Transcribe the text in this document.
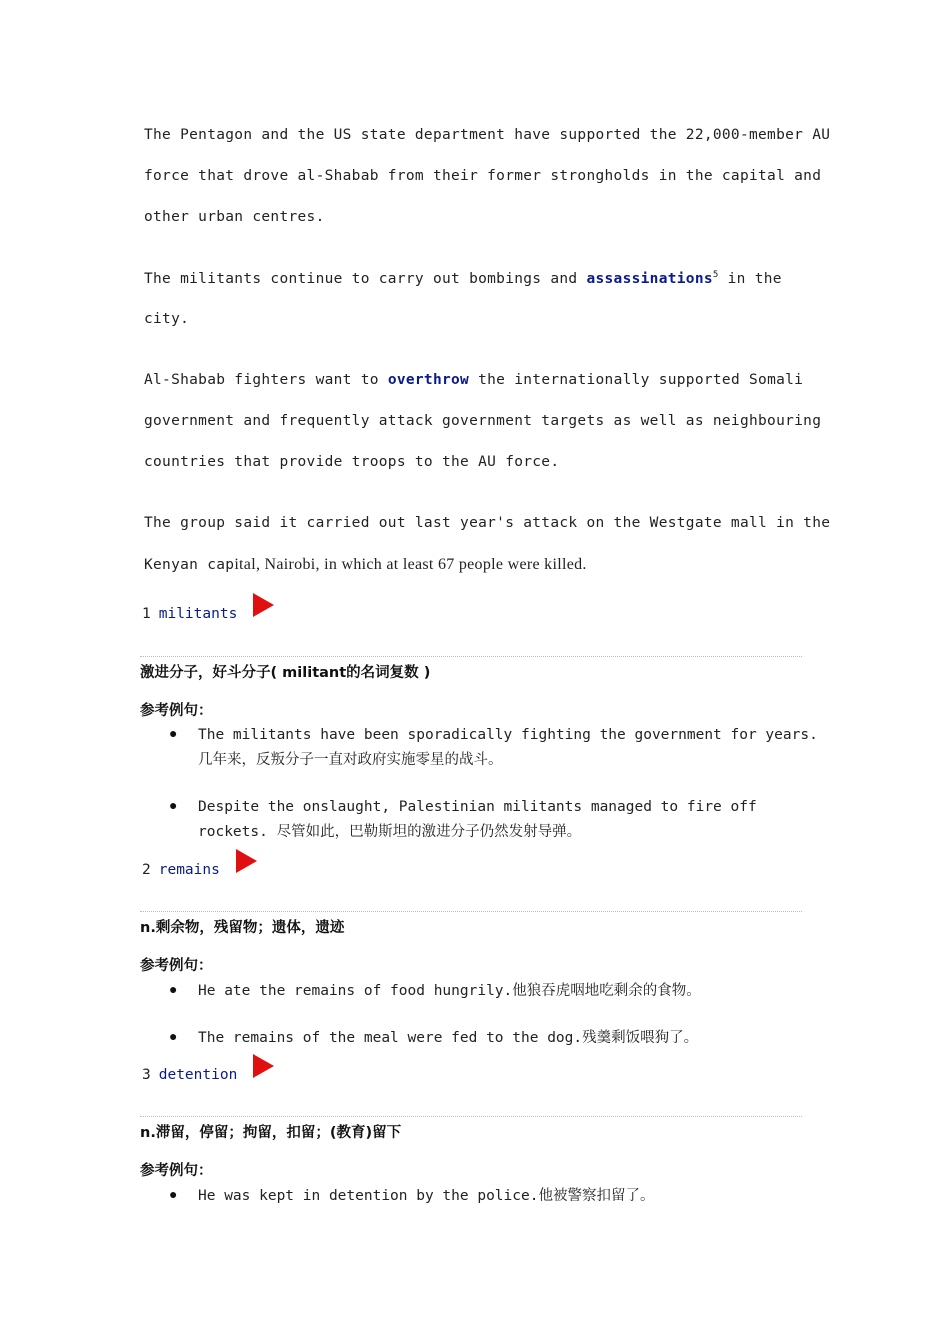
The Pentagon and the US state department have supported the 22,000-member AU

force that drove al-Shabab from their former strongholds in the capital and

other urban centres.

The militants continue to carry out bombings and assassinations$^5$ in the

city.

Al-Shabab fighters want to overthrow the internationally supported Somali

government and frequently attack government targets as well as neighbouring

countries that provide troops to the AU force.

The group said it carried out last year's attack on the Westgate mall in the

Kenyan capital, Nairobi, in which at least 67 people were killed.

1 militants
激进分子，好斗分子( militant的名词复数 )
参考例句：
● The militants have been sporadically fighting the government for years.
几年来，反叛分子一直对政府实施零星的战斗。
● Despite the onslaught, Palestinian militants managed to fire off
rockets. 尽管如此，巴勒斯坦的激进分子仍然发射导弹。
2 remains
n.剩余物，残留物；遗体，遗迹
参考例句：
● He ate the remains of food hungrily.他狼吞虎咽地吃剩余的食物。
● The remains of the meal were fed to the dog.残羹剩饭喂狗了。
3 detention
n.滞留，停留；拘留，扣留；(教育)留下
参考例句：
● He was kept in detention by the police.他被警察扣留了。
